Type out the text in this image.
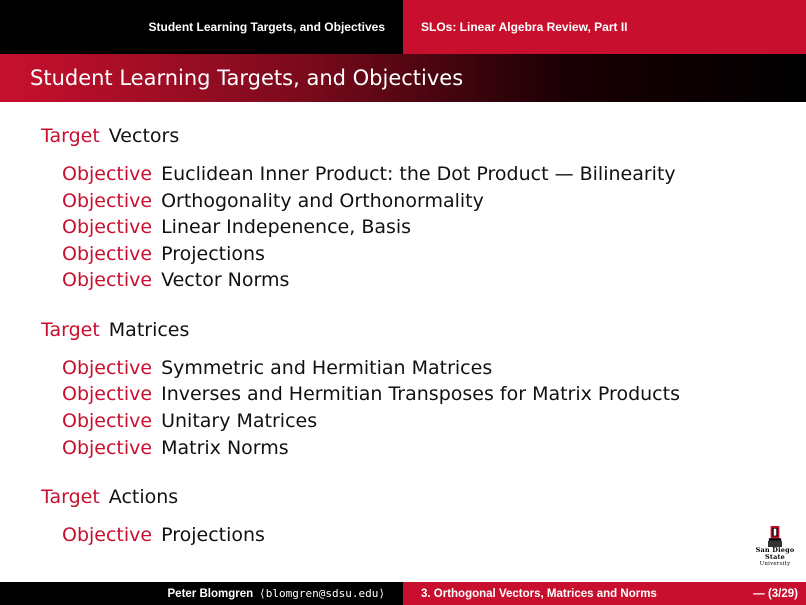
Student Learning Targets, and Objectives	SLOs: Linear Algebra Review, Part II
Student Learning Targets, and Objectives
Target Vectors
Objective Euclidean Inner Product: the Dot Product — Bilinearity
Objective Orthogonality and Orthonormality
Objective Linear Indepenence, Basis
Objective Projections
Objective Vector Norms
Target Matrices
Objective Symmetric and Hermitian Matrices
Objective Inverses and Hermitian Transposes for Matrix Products
Objective Unitary Matrices
Objective Matrix Norms
Target Actions
Objective Projections
San Diego State
University
Peter Blomgren ⟨blomgren@sdsu.edu⟩	3. Orthogonal Vectors, Matrices and Norms	— (3/29)
